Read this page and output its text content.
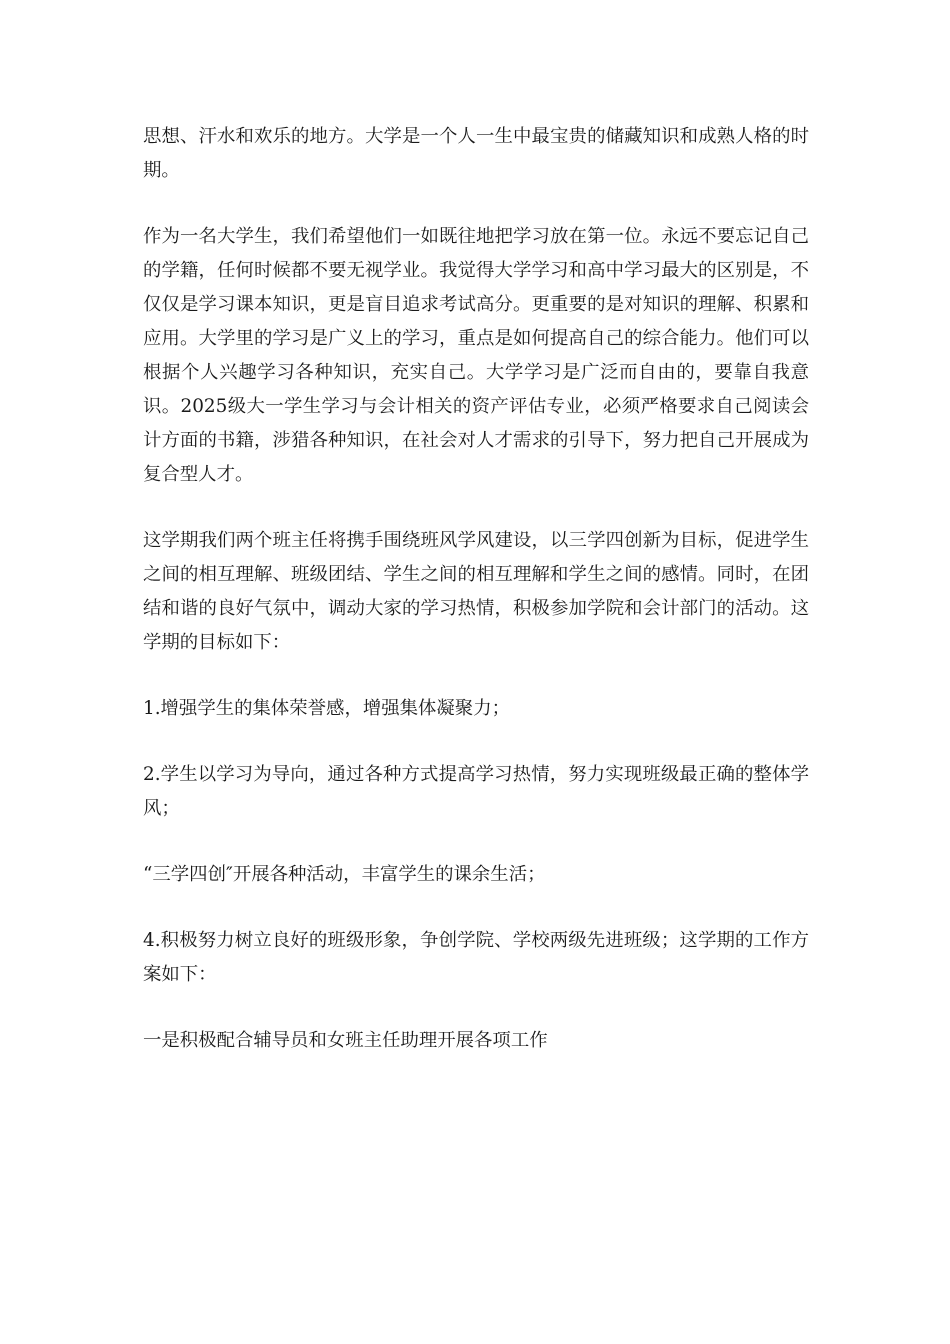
思想、汗水和欢乐的地方。大学是一个人一生中最宝贵的储藏知识和成熟人格的时期。

作为一名大学生，我们希望他们一如既往地把学习放在第一位。永远不要忘记自己的学籍，任何时候都不要无视学业。我觉得大学学习和高中学习最大的区别是，不仅仅是学习课本知识，更是盲目追求考试高分。更重要的是对知识的理解、积累和应用。大学里的学习是广义上的学习，重点是如何提高自己的综合能力。他们可以根据个人兴趣学习各种知识，充实自己。大学学习是广泛而自由的，要靠自我意识。2025级大一学生学习与会计相关的资产评估专业，必须严格要求自己阅读会计方面的书籍，涉猎各种知识，在社会对人才需求的引导下，努力把自己开展成为复合型人才。

这学期我们两个班主任将携手围绕班风学风建设，以三学四创新为目标，促进学生之间的相互理解、班级团结、学生之间的相互理解和学生之间的感情。同时，在团结和谐的良好气氛中，调动大家的学习热情，积极参加学院和会计部门的活动。这学期的目标如下：

1.增强学生的集体荣誉感，增强集体凝聚力；

2.学生以学习为导向，通过各种方式提高学习热情，努力实现班级最正确的整体学风；

“三学四创″开展各种活动，丰富学生的课余生活；

4.积极努力树立良好的班级形象，争创学院、学校两级先进班级；这学期的工作方案如下：

一是积极配合辅导员和女班主任助理开展各项工作
